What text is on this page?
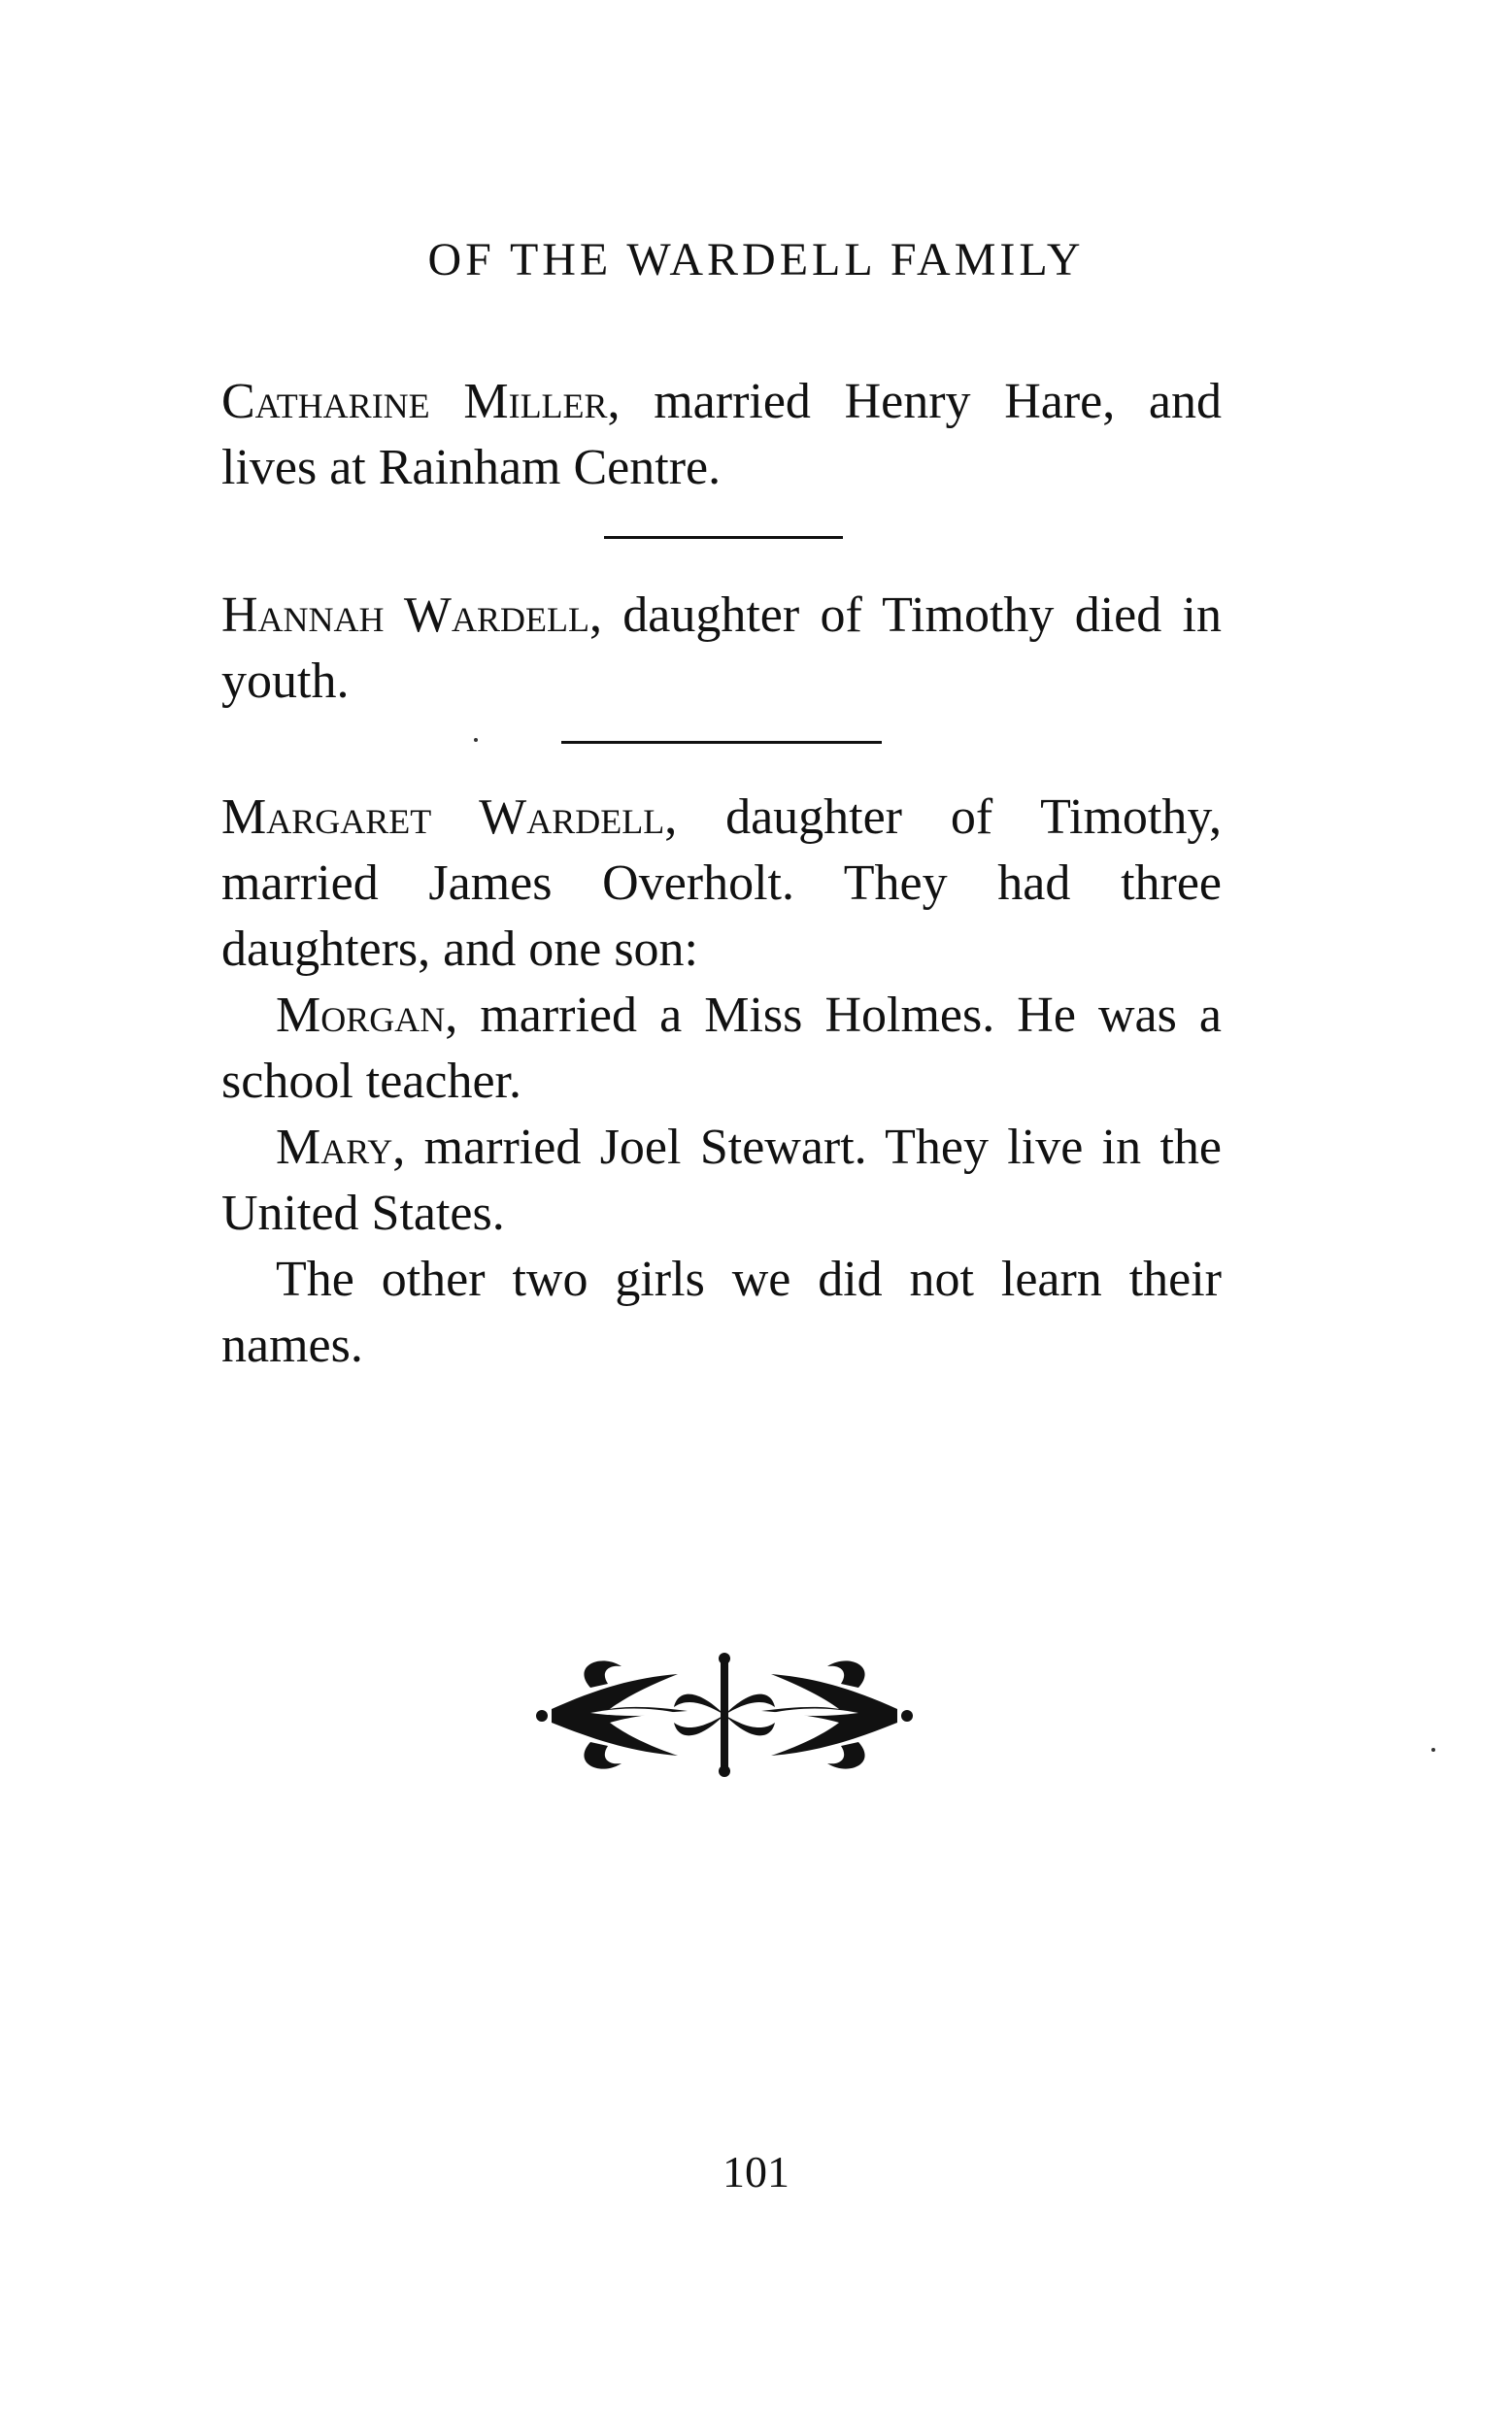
OF THE WARDELL FAMILY

Catharine Miller, married Henry Hare, and lives at Rainham Centre.

Hannah Wardell, daughter of Timothy died in youth.

Margaret Wardell, daughter of Timothy, married James Overholt. They had three daughters, and one son:

Morgan, married a Miss Holmes. He was a school teacher.

Mary, married Joel Stewart. They live in the United States.

The other two girls we did not learn their names.

101
